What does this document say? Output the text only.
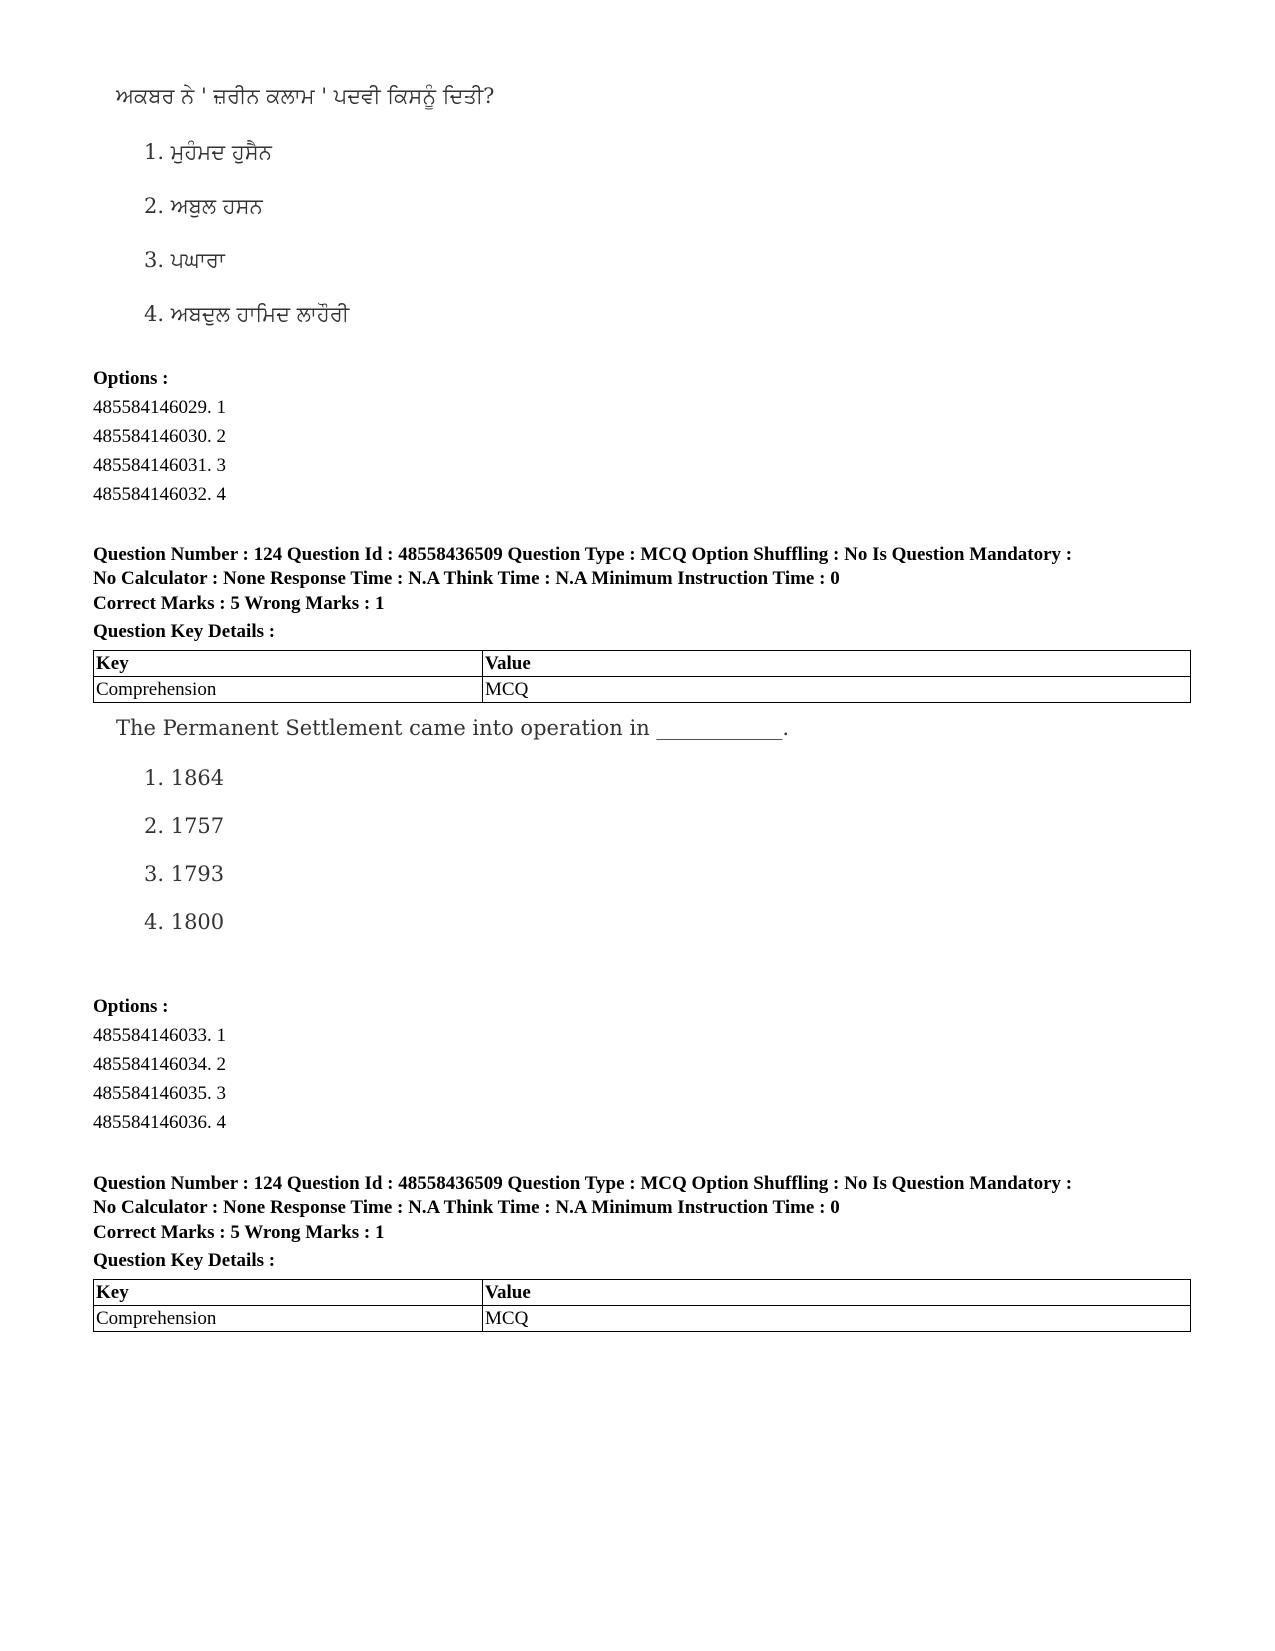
ਅਕਬਰ ਨੇ ' ਜ਼ਰੀਨ ਕਲਾਮ ' ਪਦਵੀ ਕਿਸਨੂੰ ਦਿਤੀ?
1. ਮੁਹੰਮਦ ਹੁਸੈਨ
2. ਅਬੁਲ ਹਸਨ
3. ਪਘਾਰਾ
4. ਅਬਦੁਲ ਹਾਮਿਦ ਲਾਹੌਰੀ
Options :
485584146029. 1
485584146030. 2
485584146031. 3
485584146032. 4
Question Number : 124 Question Id : 48558436509 Question Type : MCQ Option Shuffling : No Is Question Mandatory :
No Calculator : None Response Time : N.A Think Time : N.A Minimum Instruction Time : 0
Correct Marks : 5 Wrong Marks : 1
Question Key Details :
Key	Value
Comprehension	MCQ
The Permanent Settlement came into operation in ____________.
1. 1864
2. 1757
3. 1793
4. 1800
Options :
485584146033. 1
485584146034. 2
485584146035. 3
485584146036. 4
Question Number : 124 Question Id : 48558436509 Question Type : MCQ Option Shuffling : No Is Question Mandatory :
No Calculator : None Response Time : N.A Think Time : N.A Minimum Instruction Time : 0
Correct Marks : 5 Wrong Marks : 1
Question Key Details :
Key	Value
Comprehension	MCQ
